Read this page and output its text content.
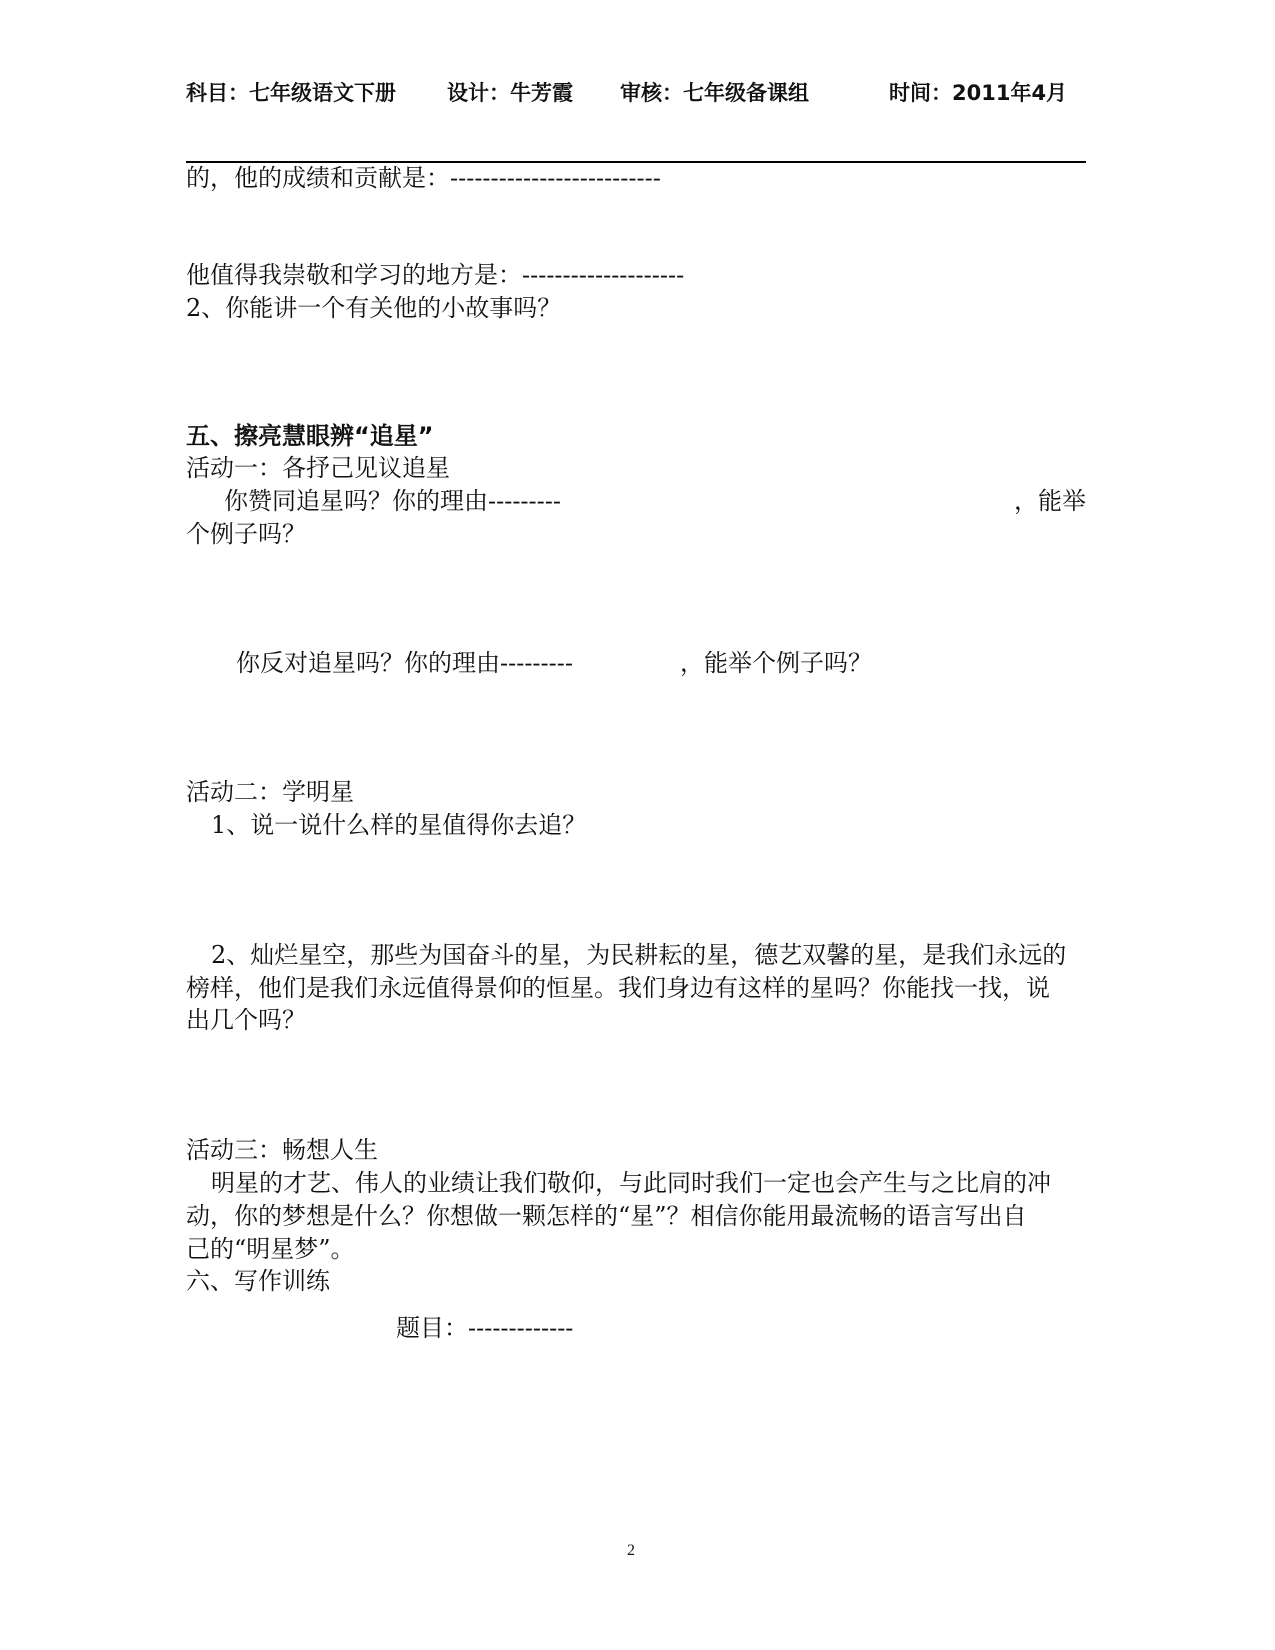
科目：七年级语文下册 设计：牛芳霞 审核：七年级备课组	时间：2011年4月
的，他的成绩和贡献是：--------------------------
他值得我崇敬和学习的地方是：--------------------
2、你能讲一个有关他的小故事吗？
五、擦亮慧眼辨“追星”
活动一：各抒己见议追星
你赞同追星吗？你的理由---------	，能举
个例子吗？
你反对追星吗？你的理由---------	，能举个例子吗？
活动二：学明星
1、说一说什么样的星值得你去追？
2、灿烂星空，那些为国奋斗的星，为民耕耘的星，德艺双馨的星，是我们永远的
榜样，他们是我们永远值得景仰的恒星。我们身边有这样的星吗？你能找一找，说
出几个吗？
活动三：畅想人生
明星的才艺、伟人的业绩让我们敬仰，与此同时我们一定也会产生与之比肩的冲
动，你的梦想是什么？你想做一颗怎样的“星”？相信你能用最流畅的语言写出自
己的“明星梦”。
六、写作训练
题目：-------------
2
